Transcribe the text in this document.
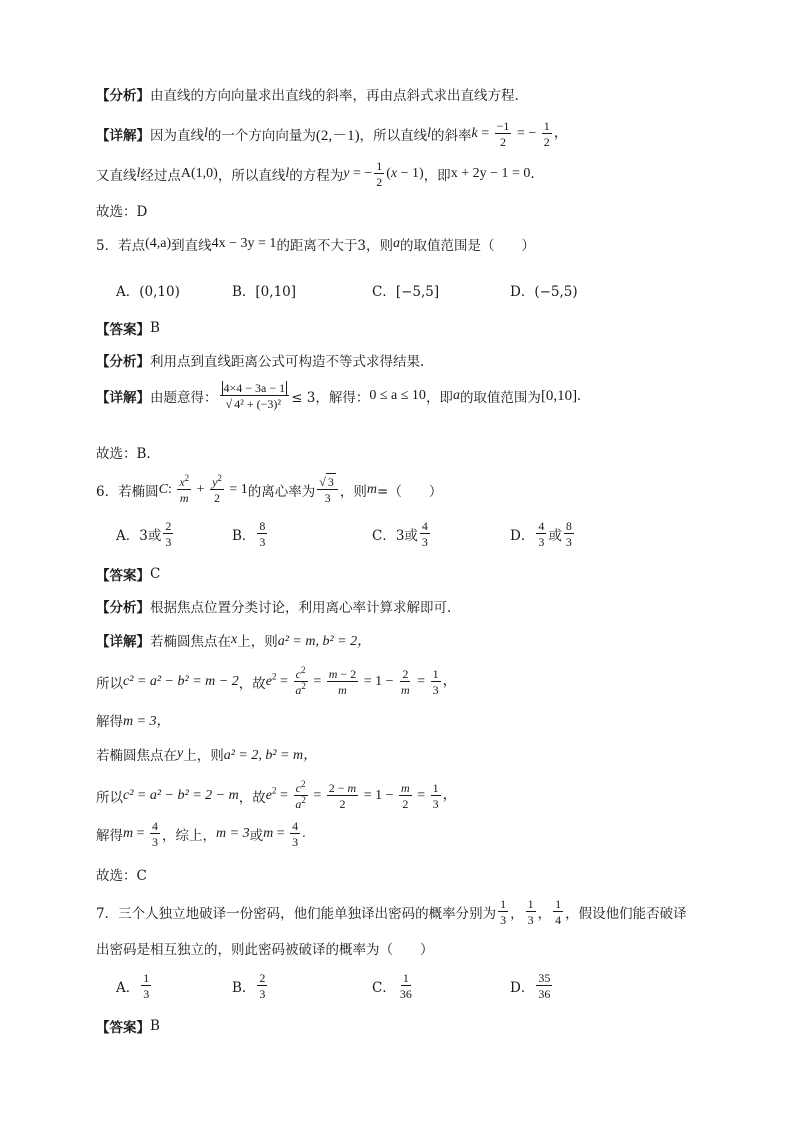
【分析】 由直线的方向向量求出直线的斜率，再由点斜式求出直线方程.
【详解】 因为直线 l 的一个方向向量为 (2,－1) ，所以直线 l 的斜率 $k = \frac{-1}{2}$ = − $\frac{1}{2}$ ，
又直线 l 经过点 A(1,0) ，所以直线 l 的方程为 y = − $\frac{1}{2} (x - 1)$ ，即 x + 2y − 1 = 0 .
故选：D
5．若点 (4,a) 到直线 4x − 3y = 1 的距离不大于3，则 a 的取值范围是（　　）
A．(0,10)	B．[0,10]	C．[−5,5]	D．(−5,5)
【答案】 B
【分析】 利用点到直线距离公式可构造不等式求得结果.
【详解】 由题意得： $\frac{4\times 4 - 3a - 1}{\text{√ 4² + (−3)²}} \le 3$，解得： 0 ≤ a ≤ 10 ，即 a 的取值范围为 [0,10].
故选：B.
6．若椭圆 C: $\frac{x^2}{m} + \frac{y^2}{2} = 1$ 的离心率为
√ 3
3 ，则 m =（　　）
A．3或
2
3	B．
8
3	C．3或
4
3	D．
4
3 或
8
3
【答案】 C
【分析】 根据焦点位置分类讨论，利用离心率计算求解即可.
【详解】 若椭圆焦点在 x 上，则 a² = m, b² = 2，
所以 c² = a² − b² = m − 2 ，故 $e^2 = \frac{c^2}{a^2} = \frac{m - 2}{m} = 1 - \frac{2}{m} = \frac{1}{3}$ ，
解得 m = 3，
若椭圆焦点在 y 上，则 a² = 2, b² = m，
所以 c² = a² − b² = 2 − m ，故 $e^2 = \frac{c^2}{a^2} = \frac{2 - m}{2} = 1 - \frac{m}{2} = \frac{1}{3}$ ，
解得 $m = \frac{4}{3}$ ，综上， m = 3 或 $m = \frac{4}{3}$ .
故选：C
7．三个人独立地破译一份密码，他们能单独译出密码的概率分别为
1
3 ，
1
3 ，
1
4 ，假设他们能否破译
出密码是相互独立的，则此密码被破译的概率为（　　）
A．
1
3	B．
2
3	C．
1
36	D．
35
36
【答案】 B
